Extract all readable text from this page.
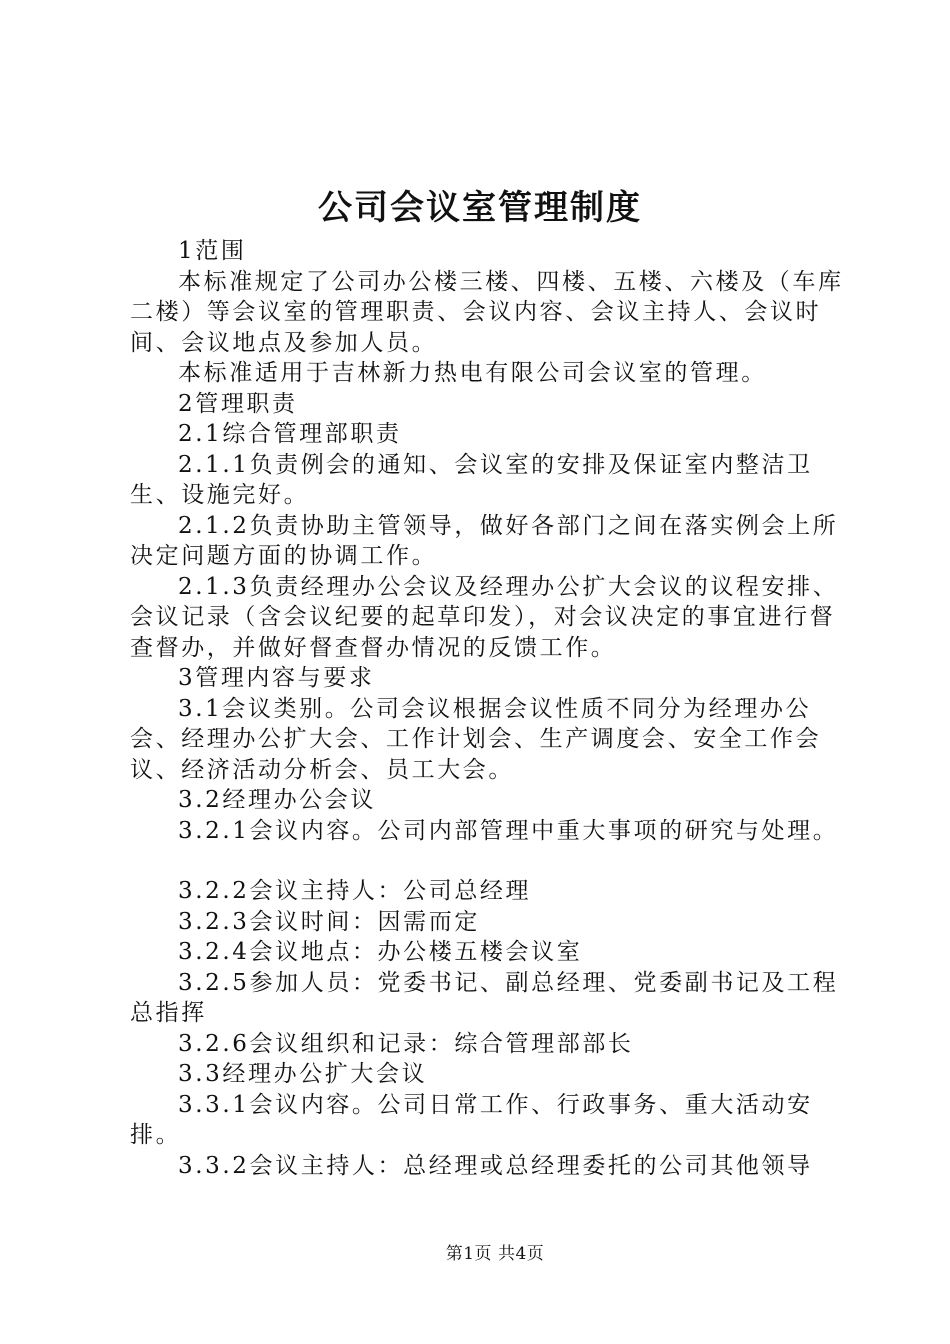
公司会议室管理制度

1范围

本标准规定了公司办公楼三楼、四楼、五楼、六楼及（车库二楼）等会议室的管理职责、会议内容、会议主持人、会议时间、会议地点及参加人员。

本标准适用于吉林新力热电有限公司会议室的管理。

2管理职责

2.1综合管理部职责

2.1.1负责例会的通知、会议室的安排及保证室内整洁卫生、设施完好。

2.1.2负责协助主管领导，做好各部门之间在落实例会上所决定问题方面的协调工作。

2.1.3负责经理办公会议及经理办公扩大会议的议程安排、会议记录（含会议纪要的起草印发），对会议决定的事宜进行督查督办，并做好督查督办情况的反馈工作。

3管理内容与要求

3.1会议类别。公司会议根据会议性质不同分为经理办公会、经理办公扩大会、工作计划会、生产调度会、安全工作会议、经济活动分析会、员工大会。

3.2经理办公会议

3.2.1会议内容。公司内部管理中重大事项的研究与处理。

3.2.2会议主持人：公司总经理

3.2.3会议时间：因需而定

3.2.4会议地点：办公楼五楼会议室

3.2.5参加人员：党委书记、副总经理、党委副书记及工程总指挥

3.2.6会议组织和记录：综合管理部部长

3.3经理办公扩大会议

3.3.1会议内容。公司日常工作、行政事务、重大活动安排。

3.3.2会议主持人：总经理或总经理委托的公司其他领导

第1页 共4页
